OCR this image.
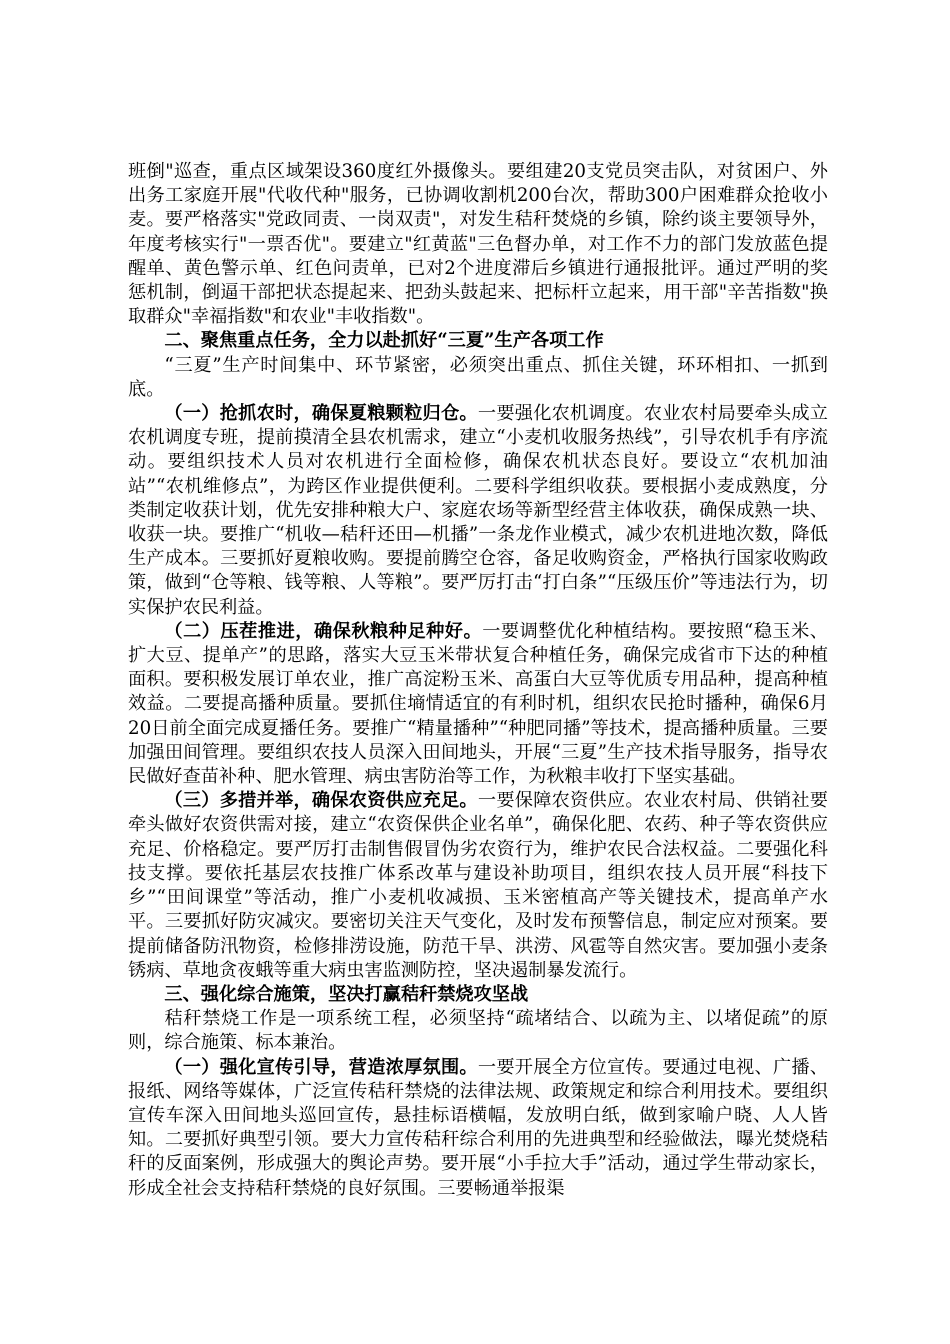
班倒"巡查，重点区域架设360度红外摄像头。要组建20支党员突击队，对贫困户、外出务工家庭开展"代收代种"服务，已协调收割机200台次，帮助300户困难群众抢收小麦。要严格落实"党政同责、一岗双责"，对发生秸秆焚烧的乡镇，除约谈主要领导外，年度考核实行"一票否优"。要建立"红黄蓝"三色督办单，对工作不力的部门发放蓝色提醒单、黄色警示单、红色问责单，已对2个进度滞后乡镇进行通报批评。通过严明的奖惩机制，倒逼干部把状态提起来、把劲头鼓起来、把标杆立起来，用干部"辛苦指数"换取群众"幸福指数"和农业"丰收指数"。

二、聚焦重点任务，全力以赴抓好“三夏”生产各项工作

“三夏”生产时间集中、环节紧密，必须突出重点、抓住关键，环环相扣、一抓到底。

（一）抢抓农时，确保夏粮颗粒归仓。一要强化农机调度。农业农村局要牵头成立农机调度专班，提前摸清全县农机需求，建立“小麦机收服务热线”，引导农机手有序流动。要组织技术人员对农机进行全面检修，确保农机状态良好。要设立“农机加油站”“农机维修点”，为跨区作业提供便利。二要科学组织收获。要根据小麦成熟度，分类制定收获计划，优先安排种粮大户、家庭农场等新型经营主体收获，确保成熟一块、收获一块。要推广“机收—秸秆还田—机播”一条龙作业模式，减少农机进地次数，降低生产成本。三要抓好夏粮收购。要提前腾空仓容，备足收购资金，严格执行国家收购政策，做到“仓等粮、钱等粮、人等粮”。要严厉打击“打白条”“压级压价”等违法行为，切实保护农民利益。

（二）压茬推进，确保秋粮种足种好。一要调整优化种植结构。要按照“稳玉米、扩大豆、提单产”的思路，落实大豆玉米带状复合种植任务，确保完成省市下达的种植面积。要积极发展订单农业，推广高淀粉玉米、高蛋白大豆等优质专用品种，提高种植效益。二要提高播种质量。要抓住墒情适宜的有利时机，组织农民抢时播种，确保6月20日前全面完成夏播任务。要推广“精量播种”“种肥同播”等技术，提高播种质量。三要加强田间管理。要组织农技人员深入田间地头，开展“三夏”生产技术指导服务，指导农民做好查苗补种、肥水管理、病虫害防治等工作，为秋粮丰收打下坚实基础。

（三）多措并举，确保农资供应充足。一要保障农资供应。农业农村局、供销社要牵头做好农资供需对接，建立“农资保供企业名单”，确保化肥、农药、种子等农资供应充足、价格稳定。要严厉打击制售假冒伪劣农资行为，维护农民合法权益。二要强化科技支撑。要依托基层农技推广体系改革与建设补助项目，组织农技人员开展“科技下乡”“田间课堂”等活动，推广小麦机收减损、玉米密植高产等关键技术，提高单产水平。三要抓好防灾减灾。要密切关注天气变化，及时发布预警信息，制定应对预案。要提前储备防汛物资，检修排涝设施，防范干旱、洪涝、风雹等自然灾害。要加强小麦条锈病、草地贪夜蛾等重大病虫害监测防控，坚决遏制暴发流行。

三、强化综合施策，坚决打赢秸秆禁烧攻坚战

秸秆禁烧工作是一项系统工程，必须坚持“疏堵结合、以疏为主、以堵促疏”的原则，综合施策、标本兼治。

（一）强化宣传引导，营造浓厚氛围。一要开展全方位宣传。要通过电视、广播、报纸、网络等媒体，广泛宣传秸秆禁烧的法律法规、政策规定和综合利用技术。要组织宣传车深入田间地头巡回宣传，悬挂标语横幅，发放明白纸，做到家喻户晓、人人皆知。二要抓好典型引领。要大力宣传秸秆综合利用的先进典型和经验做法，曝光焚烧秸秆的反面案例，形成强大的舆论声势。要开展“小手拉大手”活动，通过学生带动家长，形成全社会支持秸秆禁烧的良好氛围。三要畅通举报渠
